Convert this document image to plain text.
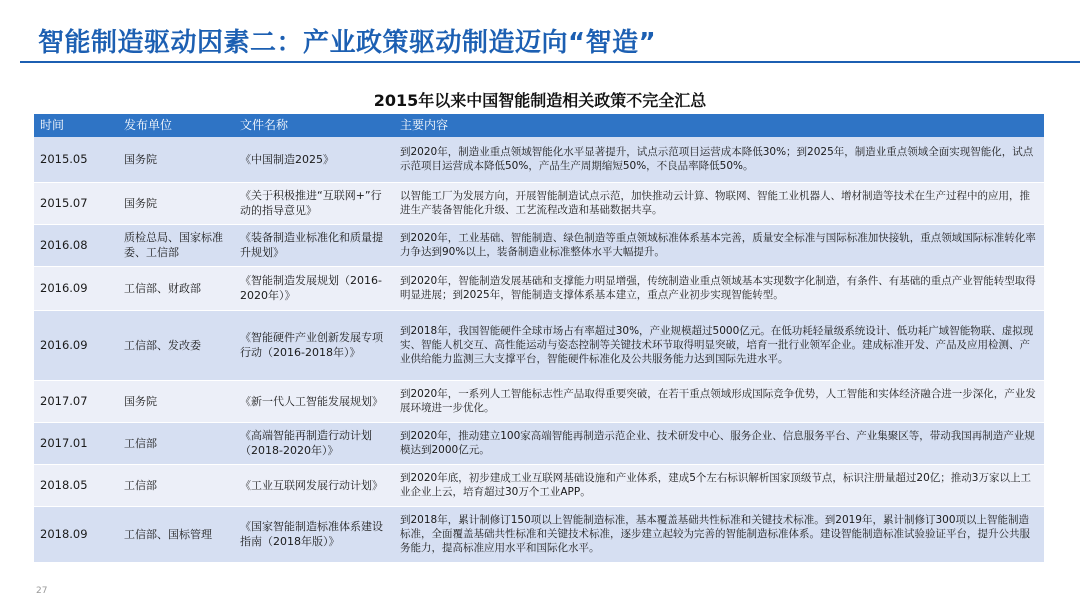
智能制造驱动因素二：产业政策驱动制造迈向“智造”
2015年以来中国智能制造相关政策不完全汇总
时间	发布单位	文件名称	主要内容
2015.05	国务院	《中国制造2025》	到2020年，制造业重点领域智能化水平显著提升，试点示范项目运营成本降低30%；到2025年，制造业重点领域全面实现智能化，试点示范项目运营成本降低50%，产品生产周期缩短50%，不良品率降低50%。
2015.07	国务院	《关于积极推进“互联网+”行动的指导意见》	以智能工厂为发展方向，开展智能制造试点示范，加快推动云计算、物联网、智能工业机器人、增材制造等技术在生产过程中的应用，推进生产装备智能化升级、工艺流程改造和基础数据共享。
2016.08	质检总局、国家标准委、工信部	《装备制造业标准化和质量提升规划》	到2020年，工业基础、智能制造、绿色制造等重点领域标准体系基本完善，质量安全标准与国际标准加快接轨，重点领域国际标准转化率力争达到90%以上，装备制造业标准整体水平大幅提升。
2016.09	工信部、财政部	《智能制造发展规划（2016-2020年）》	到2020年，智能制造发展基础和支撑能力明显增强，传统制造业重点领域基本实现数字化制造，有条件、有基础的重点产业智能转型取得明显进展；到2025年，智能制造支撑体系基本建立，重点产业初步实现智能转型。
2016.09	工信部、发改委	《智能硬件产业创新发展专项行动（2016-2018年）》	到2018年，我国智能硬件全球市场占有率超过30%，产业规模超过5000亿元。在低功耗轻量级系统设计、低功耗广域智能物联、虚拟现实、智能人机交互、高性能运动与姿态控制等关键技术环节取得明显突破，培育一批行业领军企业。建成标准开发、产品及应用检测、产业供给能力监测三大支撑平台，智能硬件标准化及公共服务能力达到国际先进水平。
2017.07	国务院	《新一代人工智能发展规划》	到2020年，一系列人工智能标志性产品取得重要突破，在若干重点领域形成国际竞争优势，人工智能和实体经济融合进一步深化，产业发展环境进一步优化。
2017.01	工信部	《高端智能再制造行动计划（2018-2020年）》	到2020年，推动建立100家高端智能再制造示范企业、技术研发中心、服务企业、信息服务平台、产业集聚区等，带动我国再制造产业规模达到2000亿元。
2018.05	工信部	《工业互联网发展行动计划》	到2020年底，初步建成工业互联网基础设施和产业体系，建成5个左右标识解析国家顶级节点，标识注册量超过20亿；推动3万家以上工业企业上云，培育超过30万个工业APP。
2018.09	工信部、国标管理	《国家智能制造标准体系建设指南（2018年版）》	到2018年，累计制修订150项以上智能制造标准，基本覆盖基础共性标准和关键技术标准。到2019年，累计制修订300项以上智能制造标准，全面覆盖基础共性标准和关键技术标准，逐步建立起较为完善的智能制造标准体系。建设智能制造标准试验验证平台，提升公共服务能力，提高标准应用水平和国际化水平。
27
